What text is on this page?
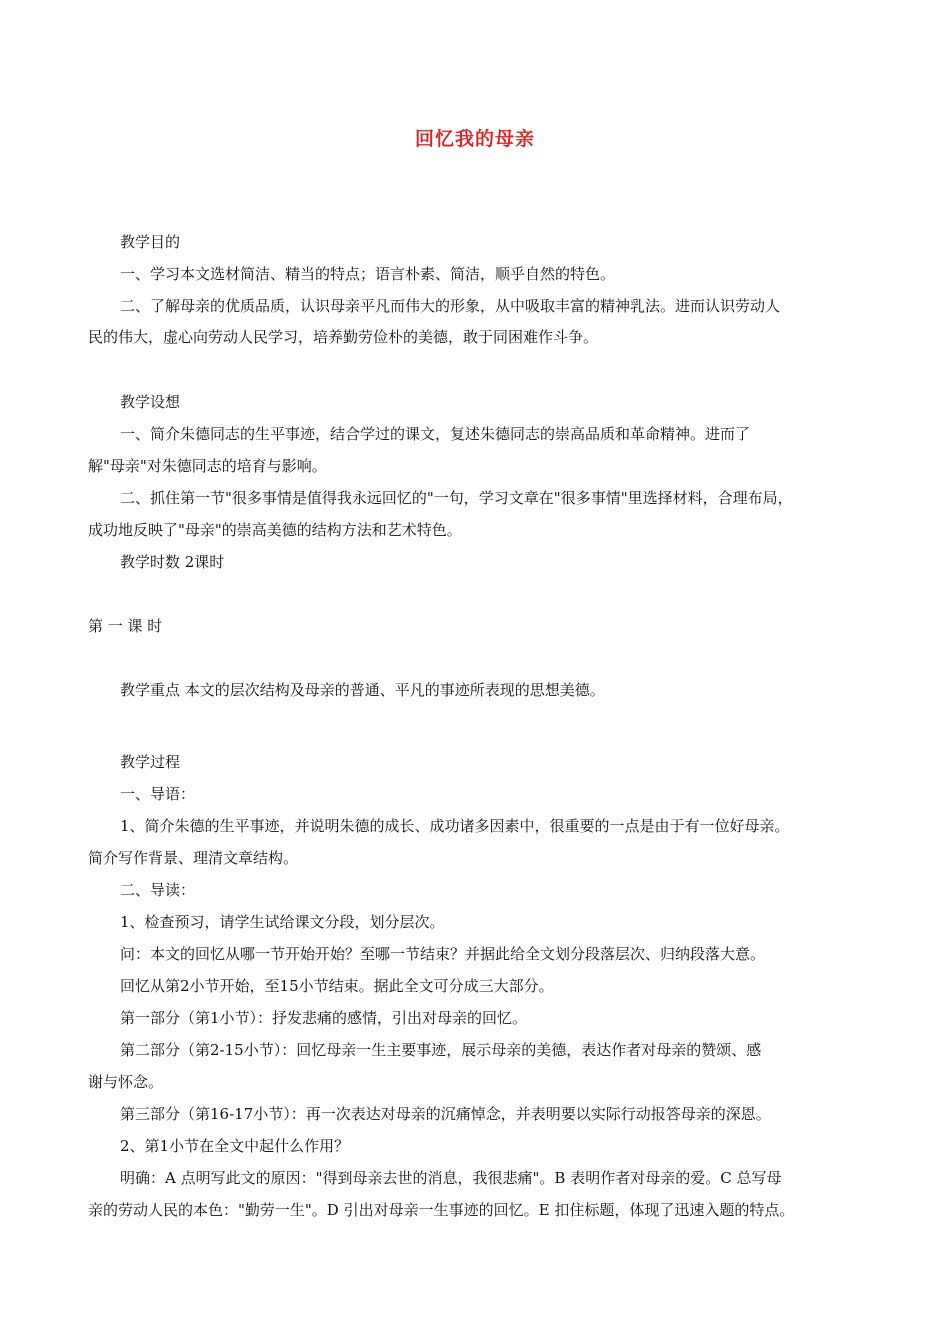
回忆我的母亲
教学目的
一、学习本文选材简洁、精当的特点；语言朴素、简洁，顺乎自然的特色。
二、了解母亲的优质品质，认识母亲平凡而伟大的形象，从中吸取丰富的精神乳法。进而认识劳动人
民的伟大，虚心向劳动人民学习，培养勤劳俭朴的美德，敢于同困难作斗争。
教学设想
一、简介朱德同志的生平事迹，结合学过的课文，复述朱德同志的崇高品质和革命精神。进而了
解"母亲"对朱德同志的培育与影响。
二、抓住第一节"很多事情是值得我永远回忆的"一句，学习文章在"很多事情"里选择材料，合理布局，
成功地反映了"母亲"的崇高美德的结构方法和艺术特色。
教学时数 2课时
第 一 课 时
教学重点 本文的层次结构及母亲的普通、平凡的事迹所表现的思想美德。
教学过程
一、导语：
1、简介朱德的生平事迹，并说明朱德的成长、成功诸多因素中，很重要的一点是由于有一位好母亲。
简介写作背景、理清文章结构。
二、导读：
1、检查预习，请学生试给课文分段，划分层次。
问：本文的回忆从哪一节开始开始？至哪一节结束？并据此给全文划分段落层次、归纳段落大意。
回忆从第2小节开始，至15小节结束。据此全文可分成三大部分。
第一部分（第1小节）：抒发悲痛的感情，引出对母亲的回忆。
第二部分（第2-15小节）：回忆母亲一生主要事迹，展示母亲的美德，表达作者对母亲的赞颂、感
谢与怀念。
第三部分（第16-17小节）：再一次表达对母亲的沉痛悼念，并表明要以实际行动报答母亲的深恩。
2、第1小节在全文中起什么作用？
明确：A 点明写此文的原因："得到母亲去世的消息，我很悲痛"。B 表明作者对母亲的爱。C 总写母
亲的劳动人民的本色："勤劳一生"。D 引出对母亲一生事迹的回忆。E 扣住标题，体现了迅速入题的特点。
